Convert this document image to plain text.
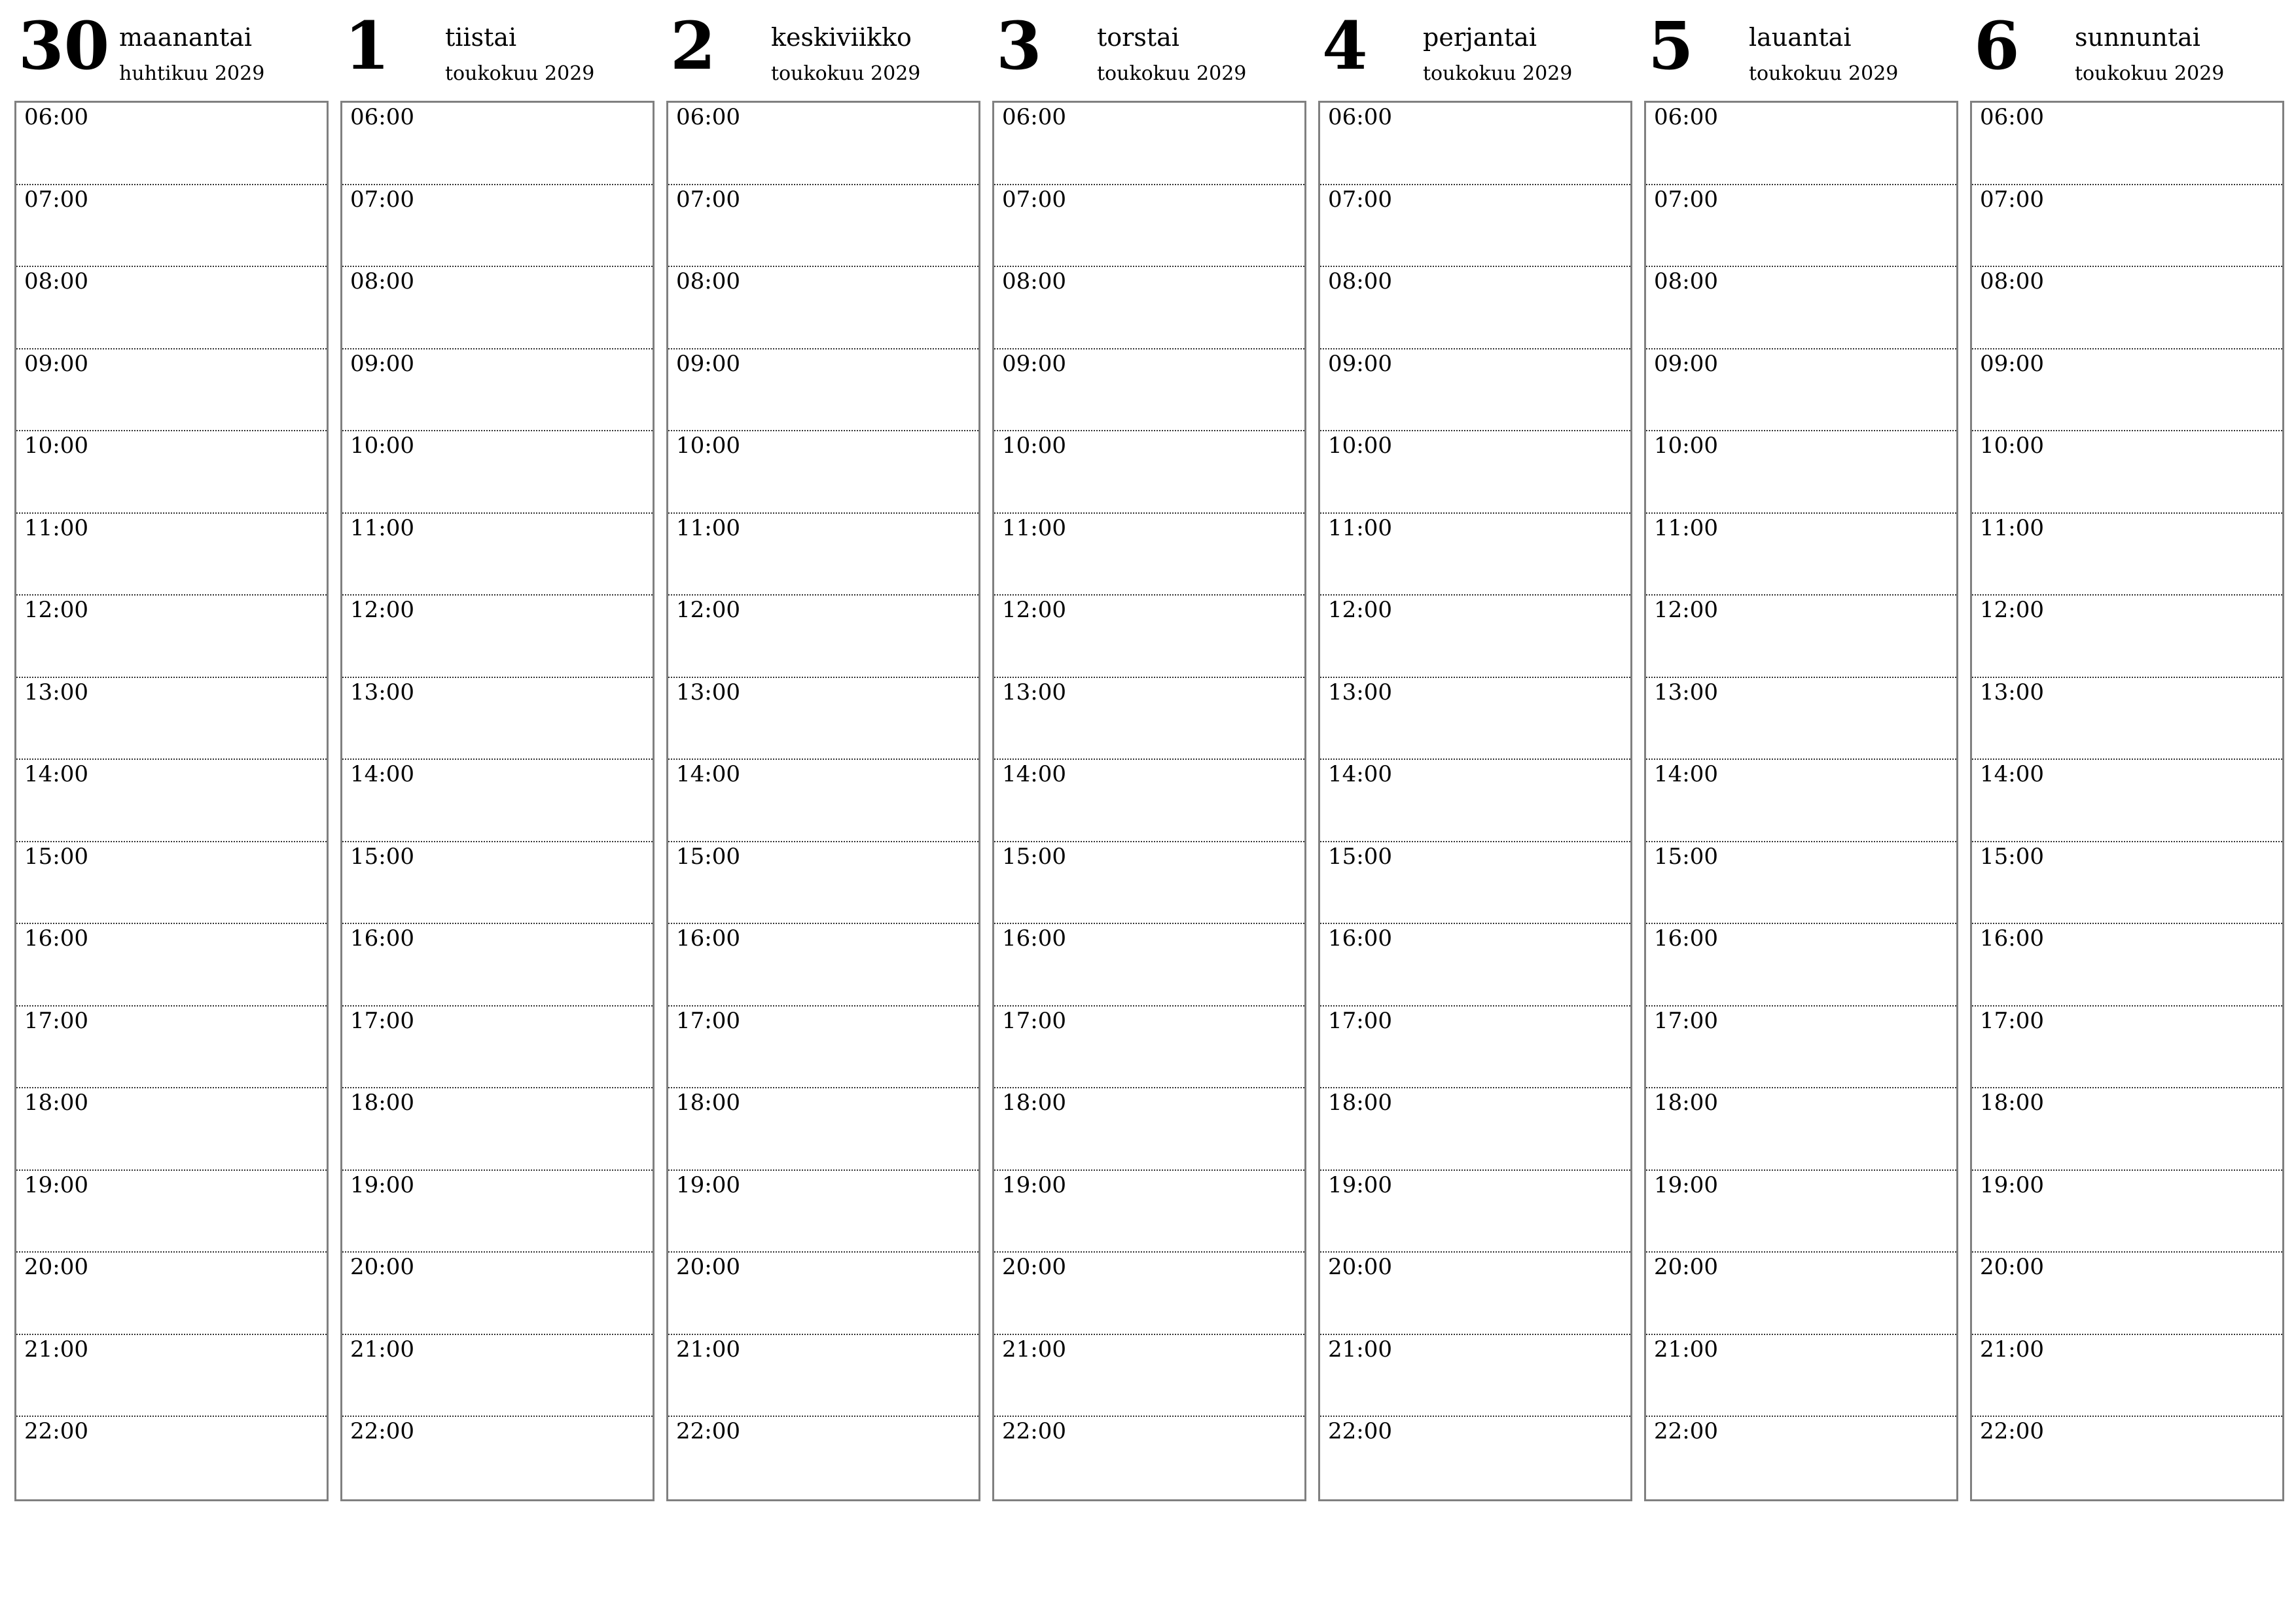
30 maanantai
huhtikuu 2029
06:00
07:00
08:00
09:00
10:00
11:00
12:00
13:00
14:00
15:00
16:00
17:00
18:00
19:00
20:00
21:00
22:00
1 tiistai
toukokuu 2029
06:00
07:00
08:00
09:00
10:00
11:00
12:00
13:00
14:00
15:00
16:00
17:00
18:00
19:00
20:00
21:00
22:00
2 keskiviikko
toukokuu 2029
06:00
07:00
08:00
09:00
10:00
11:00
12:00
13:00
14:00
15:00
16:00
17:00
18:00
19:00
20:00
21:00
22:00
3 torstai
toukokuu 2029
06:00
07:00
08:00
09:00
10:00
11:00
12:00
13:00
14:00
15:00
16:00
17:00
18:00
19:00
20:00
21:00
22:00
4 perjantai
toukokuu 2029
06:00
07:00
08:00
09:00
10:00
11:00
12:00
13:00
14:00
15:00
16:00
17:00
18:00
19:00
20:00
21:00
22:00
5 lauantai
toukokuu 2029
06:00
07:00
08:00
09:00
10:00
11:00
12:00
13:00
14:00
15:00
16:00
17:00
18:00
19:00
20:00
21:00
22:00
6 sunnuntai
toukokuu 2029
06:00
07:00
08:00
09:00
10:00
11:00
12:00
13:00
14:00
15:00
16:00
17:00
18:00
19:00
20:00
21:00
22:00
